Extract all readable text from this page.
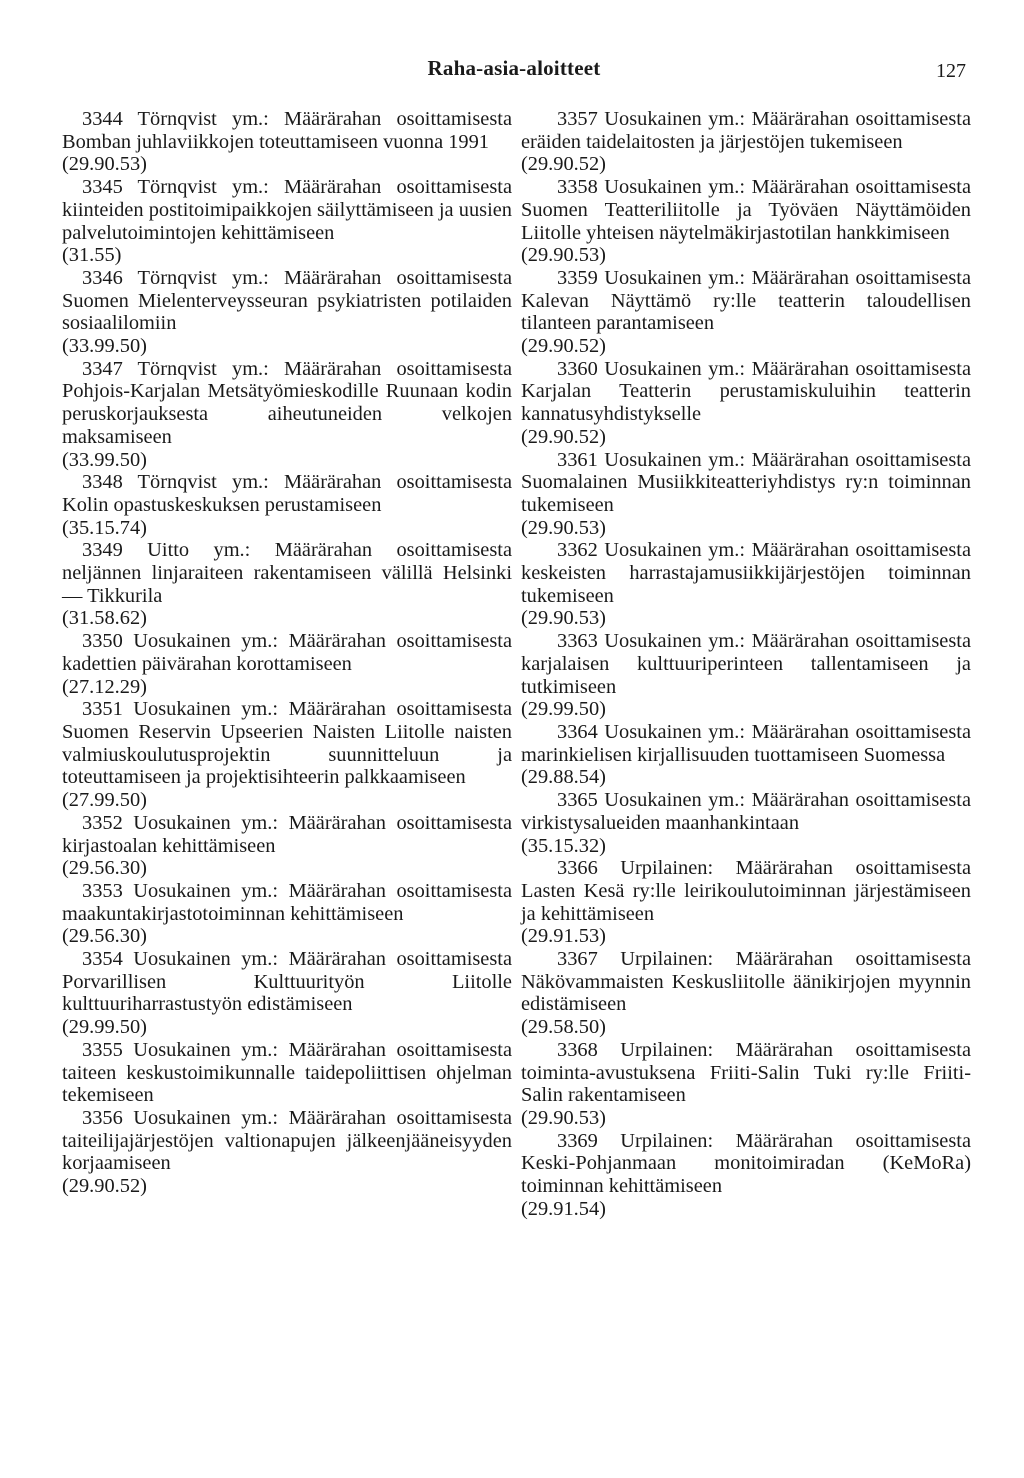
Raha-asia-aloitteet	127

3344 Törnqvist ym.: Määrärahan osoittamisesta Bomban juhlaviikkojen toteuttamiseen vuonna 1991
(29.90.53)

3345 Törnqvist ym.: Määrärahan osoittamisesta kiinteiden postitoimipaikkojen säilyttämiseen ja uusien palvelutoimintojen kehittämiseen
(31.55)

3346 Törnqvist ym.: Määrärahan osoittamisesta Suomen Mielenterveysseuran psykiatristen potilaiden sosiaalilomiin
(33.99.50)

3347 Törnqvist ym.: Määrärahan osoittamisesta Pohjois-Karjalan Metsätyömieskodille Ruunaan kodin peruskorjauksesta aiheutuneiden velkojen maksamiseen
(33.99.50)

3348 Törnqvist ym.: Määrärahan osoittamisesta Kolin opastuskeskuksen perustamiseen
(35.15.74)

3349 Uitto ym.: Määrärahan osoittamisesta neljännen linjaraiteen rakentamiseen välillä Helsinki — Tikkurila
(31.58.62)

3350 Uosukainen ym.: Määrärahan osoittamisesta kadettien päivärahan korottamiseen
(27.12.29)

3351 Uosukainen ym.: Määrärahan osoittamisesta Suomen Reservin Upseerien Naisten Liitolle naisten valmiuskoulutusprojektin suunnitteluun ja toteuttamiseen ja projektisihteerin palkkaamiseen
(27.99.50)

3352 Uosukainen ym.: Määrärahan osoittamisesta kirjastoalan kehittämiseen
(29.56.30)

3353 Uosukainen ym.: Määrärahan osoittamisesta maakuntakirjastotoiminnan kehittämiseen
(29.56.30)

3354 Uosukainen ym.: Määrärahan osoittamisesta Porvarillisen Kulttuurityön Liitolle kulttuuriharrastustyön edistämiseen
(29.99.50)

3355 Uosukainen ym.: Määrärahan osoittamisesta taiteen keskustoimikunnalle taidepoliittisen ohjelman tekemiseen

3356 Uosukainen ym.: Määrärahan osoittamisesta taiteilijajärjestöjen valtionapujen jälkeenjääneisyyden korjaamiseen
(29.90.52)

3357 Uosukainen ym.: Määrärahan osoittamisesta eräiden taidelaitosten ja järjestöjen tukemiseen
(29.90.52)

3358 Uosukainen ym.: Määrärahan osoittamisesta Suomen Teatteriliitolle ja Työväen Näyttämöiden Liitolle yhteisen näytelmäkirjastotilan hankkimiseen
(29.90.53)

3359 Uosukainen ym.: Määrärahan osoittamisesta Kalevan Näyttämö ry:lle teatterin taloudellisen tilanteen parantamiseen
(29.90.52)

3360 Uosukainen ym.: Määrärahan osoittamisesta Karjalan Teatterin perustamiskuluihin teatterin kannatusyhdistykselle
(29.90.52)

3361 Uosukainen ym.: Määrärahan osoittamisesta Suomalainen Musiikkiteatteriyhdistys ry:n toiminnan tukemiseen
(29.90.53)

3362 Uosukainen ym.: Määrärahan osoittamisesta keskeisten harrastajamusiikkijärjestöjen toiminnan tukemiseen
(29.90.53)

3363 Uosukainen ym.: Määrärahan osoittamisesta karjalaisen kulttuuriperinteen tallentamiseen ja tutkimiseen
(29.99.50)

3364 Uosukainen ym.: Määrärahan osoittamisesta marinkielisen kirjallisuuden tuottamiseen Suomessa
(29.88.54)

3365 Uosukainen ym.: Määrärahan osoittamisesta virkistysalueiden maanhankintaan
(35.15.32)

3366 Urpilainen: Määrärahan osoittamisesta Lasten Kesä ry:lle leirikoulutoiminnan järjestämiseen ja kehittämiseen
(29.91.53)

3367 Urpilainen: Määrärahan osoittamisesta Näkövammaisten Keskusliitolle äänikirjojen myynnin edistämiseen
(29.58.50)

3368 Urpilainen: Määrärahan osoittamisesta toiminta-avustuksena Friiti-Salin Tuki ry:lle Friiti-Salin rakentamiseen
(29.90.53)

3369 Urpilainen: Määrärahan osoittamisesta Keski-Pohjanmaan monitoimiradan (KeMoRa) toiminnan kehittämiseen
(29.91.54)
